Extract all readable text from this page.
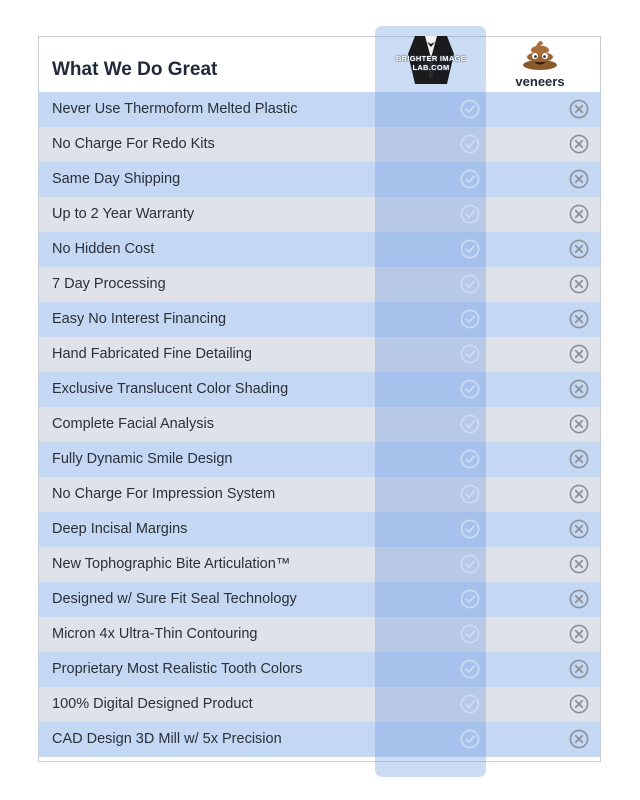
What We Do Great
Never Use Thermoform Melted Plastic
No Charge For Redo Kits
Same Day Shipping
Up to 2 Year Warranty
No Hidden Cost
7 Day Processing
Easy No Interest Financing
Hand Fabricated Fine Detailing
Exclusive Translucent Color Shading
Complete Facial Analysis
Fully Dynamic Smile Design
No Charge For Impression System
Deep Incisal Margins
New Tophographic Bite Articulation™
Designed w/ Sure Fit Seal Technology
Micron 4x Ultra-Thin Contouring
Proprietary Most Realistic Tooth Colors
100% Digital Designed Product
CAD Design 3D Mill w/ 5x Precision
BRIGHTER IMAGE LAB.COM
veneers
